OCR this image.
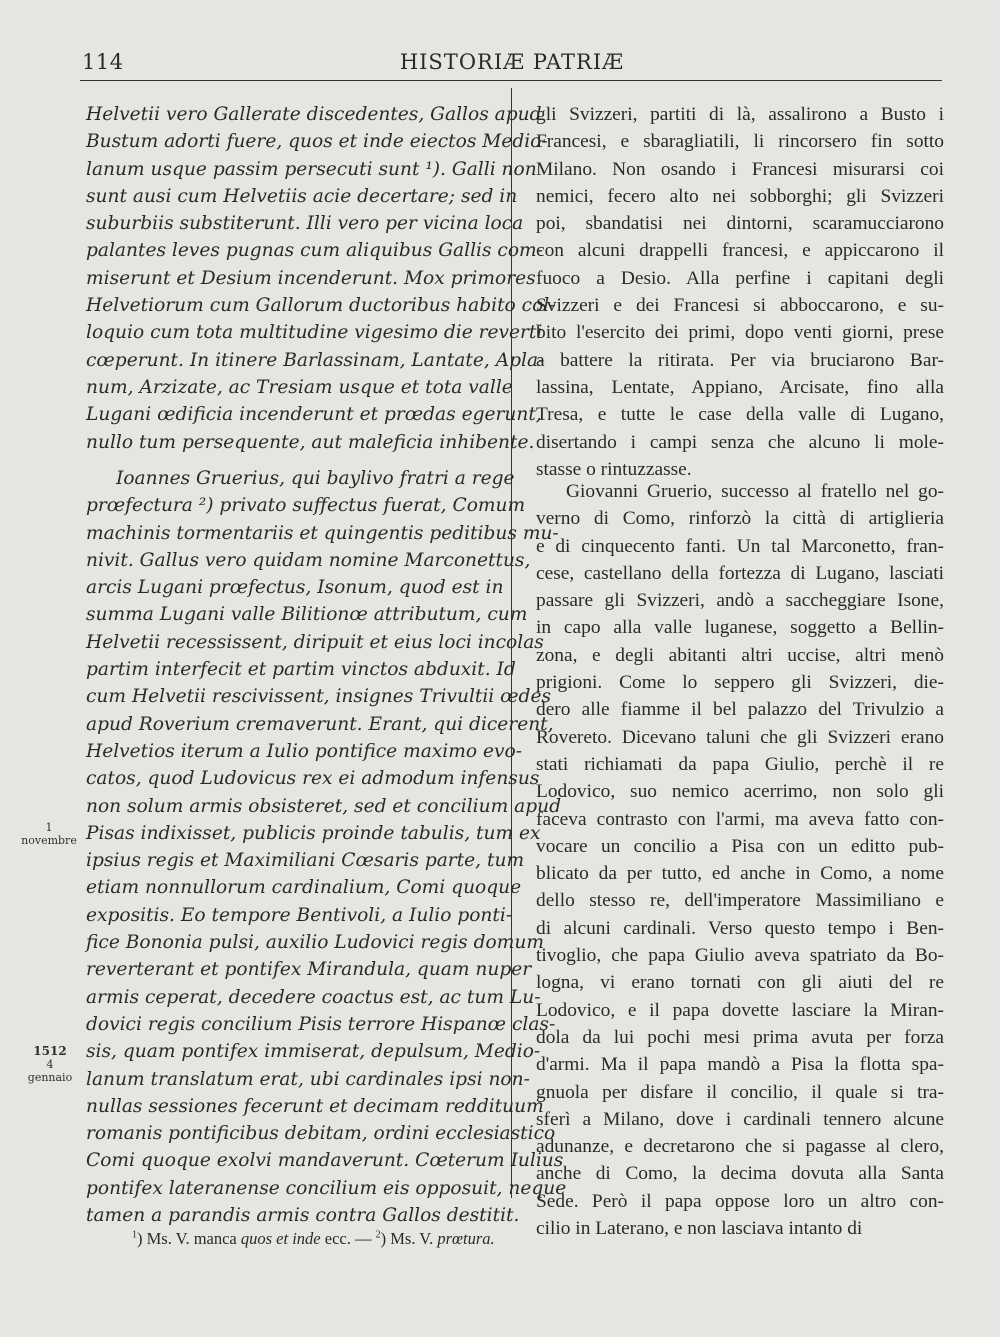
114	HISTORIÆ PATRIÆ

Helvetii vero Gallerate discedentes, Gallos apud
Bustum adorti fuere, quos et inde eiectos Medio-
lanum usque passim persecuti sunt ¹). Galli non
sunt ausi cum Helvetiis acie decertare; sed in
suburbiis substiterunt. Illi vero per vicina loca
palantes leves pugnas cum aliquibus Gallis com-
miserunt et Desium incenderunt. Mox primores
Helvetiorum cum Gallorum ductoribus habito col-
loquio cum tota multitudine vigesimo die reverti
cœperunt. In itinere Barlassinam, Lantate, Apla-
num, Arzizate, ac Tresiam usque et tota valle
Lugani œdificia incenderunt et prœdas egerunt,
nullo tum persequente, aut maleficia inhibente.

Ioannes Gruerius, qui baylivo fratri a rege
prœfectura ²) privato suffectus fuerat, Comum
machinis tormentariis et quingentis peditibus mu-
nivit. Gallus vero quidam nomine Marconettus,
arcis Lugani prœfectus, Isonum, quod est in
summa Lugani valle Bilitionœ attributum, cum
Helvetii recessissent, diripuit et eius loci incolas
partim interfecit et partim vinctos abduxit. Id
cum Helvetii rescivissent, insignes Trivultii œdes
apud Roverium cremaverunt. Erant, qui dicerent,
Helvetios iterum a Iulio pontifice maximo evo-
catos, quod Ludovicus rex ei admodum infensus
non solum armis obsisteret, sed et concilium apud
Pisas indixisset, publicis proinde tabulis, tum ex
ipsius regis et Maximiliani Cœsaris parte, tum
etiam nonnullorum cardinalium, Comi quoque
expositis. Eo tempore Bentivoli, a Iulio ponti-
fice Bononia pulsi, auxilio Ludovici regis domum
reverterant et pontifex Mirandula, quam nuper
armis ceperat, decedere coactus est, ac tum Lu-
dovici regis concilium Pisis terrore Hispanœ clas-
sis, quam pontifex immiserat, depulsum, Medio-
lanum translatum erat, ubi cardinales ipsi non-
nullas sessiones fecerunt et decimam reddituum
romanis pontificibus debitam, ordini ecclesiastico
Comi quoque exolvi mandaverunt. Cœterum Iulius
pontifex lateranense concilium eis opposuit, neque
tamen a parandis armis contra Gallos destitit.

gli Svizzeri, partiti di là, assalirono a Busto i
Francesi, e sbaragliatili, li rincorsero fin sotto
Milano. Non osando i Francesi misurarsi coi
nemici, fecero alto nei sobborghi; gli Svizzeri
poi, sbandatisi nei dintorni, scaramucciarono
con alcuni drappelli francesi, e appiccarono il
fuoco a Desio. Alla perfine i capitani degli
Svizzeri e dei Francesi si abboccarono, e su-
bito l'esercito dei primi, dopo venti giorni, prese
a battere la ritirata. Per via bruciarono Bar-
lassina, Lentate, Appiano, Arcisate, fino alla
Tresa, e tutte le case della valle di Lugano,
disertando i campi senza che alcuno li mole-
stasse o rintuzzasse.

Giovanni Gruerio, successo al fratello nel go-
verno di Como, rinforzò la città di artiglieria
e di cinquecento fanti. Un tal Marconetto, fran-
cese, castellano della fortezza di Lugano, lasciati
passare gli Svizzeri, andò a saccheggiare Isone,
in capo alla valle luganese, soggetto a Bellin-
zona, e degli abitanti altri uccise, altri menò
prigioni. Come lo seppero gli Svizzeri, die-
dero alle fiamme il bel palazzo del Trivulzio a
Rovereto. Dicevano taluni che gli Svizzeri erano
stati richiamati da papa Giulio, perchè il re
Lodovico, suo nemico acerrimo, non solo gli
faceva contrasto con l'armi, ma aveva fatto con-
vocare un concilio a Pisa con un editto pub-
blicato da per tutto, ed anche in Como, a nome
dello stesso re, dell'imperatore Massimiliano e
di alcuni cardinali. Verso questo tempo i Ben-
tivoglio, che papa Giulio aveva spatriato da Bo-
logna, vi erano tornati con gli aiuti del re
Lodovico, e il papa dovette lasciare la Miran-
dola da lui pochi mesi prima avuta per forza
d'armi. Ma il papa mandò a Pisa la flotta spa-
gnuola per disfare il concilio, il quale si tra-
sferì a Milano, dove i cardinali tennero alcune
adunanze, e decretarono che si pagasse al clero,
anche di Como, la decima dovuta alla Santa
Sede. Però il papa oppose loro un altro con-
cilio in Laterano, e non lasciava intanto di

1 novembre
1512
4 gennaio
$^1$) Ms. V. manca quos et inde ecc. — $^2$) Ms. V. prœtura.
